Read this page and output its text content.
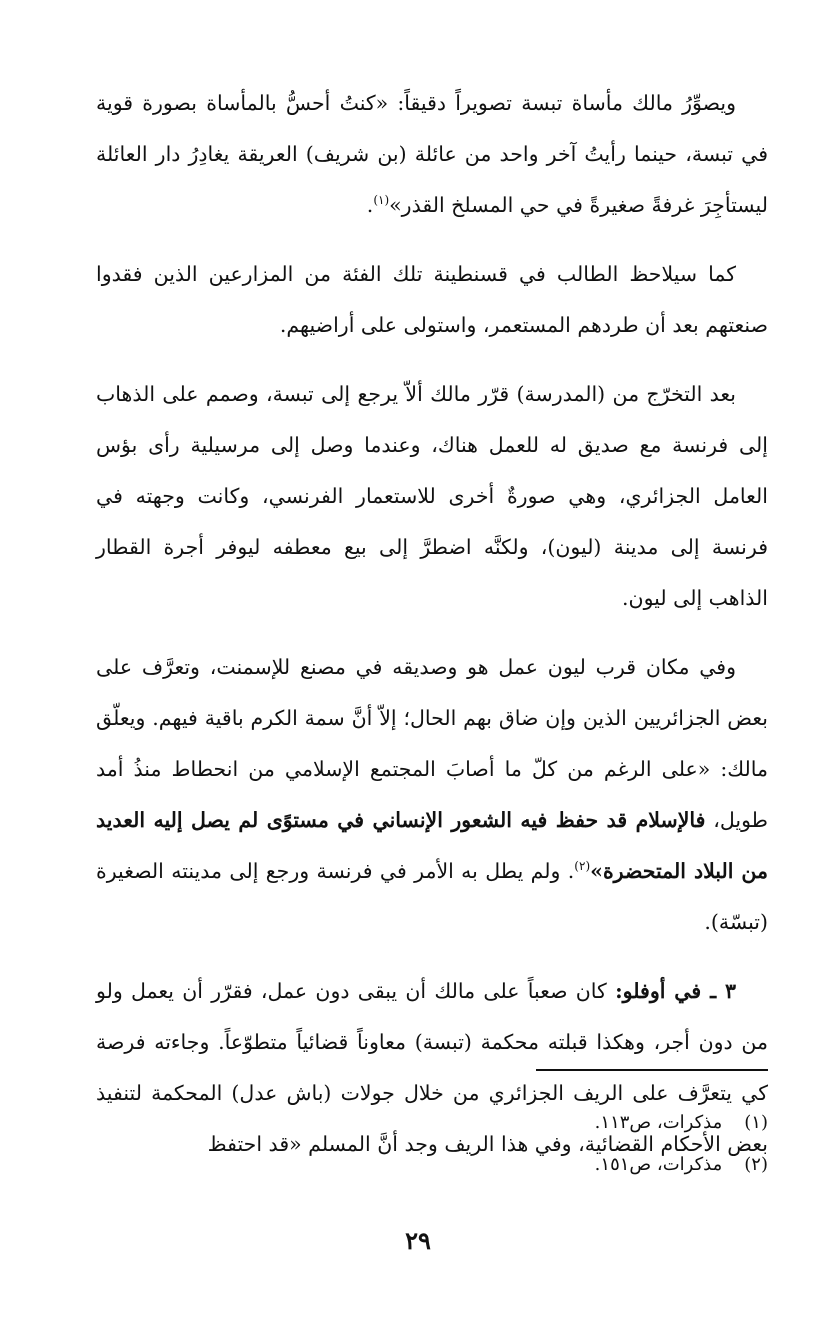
ويصوِّرُ مالك مأساة تبسة تصويراً دقيقاً: «كنتُ أحسُّ بالمأساة بصورة قوية في تبسة، حينما رأيتُ آخر واحد من عائلة (بن شريف) العريقة يغادِرُ دار العائلة ليستأجِرَ غرفةً صغيرةً في حي المسلخ القذر»$^{(١)}$.

كما سيلاحظ الطالب في قسنطينة تلك الفئة من المزارعين الذين فقدوا صنعتهم بعد أن طردهم المستعمر، واستولى على أراضيهم.

بعد التخرّج من (المدرسة) قرّر مالك ألاّ يرجع إلى تبسة، وصمم على الذهاب إلى فرنسة مع صديق له للعمل هناك، وعندما وصل إلى مرسيلية رأى بؤس العامل الجزائري، وهي صورةٌ أخرى للاستعمار الفرنسي، وكانت وجهته في فرنسة إلى مدينة (ليون)، ولكنَّه اضطرَّ إلى بيع معطفه ليوفر أجرة القطار الذاهب إلى ليون.

وفي مكان قرب ليون عمل هو وصديقه في مصنع للإسمنت، وتعرَّف على بعض الجزائريين الذين وإن ضاق بهم الحال؛ إلاّ أنَّ سمة الكرم باقية فيهم. ويعلّق مالك: «على الرغم من كلّ ما أصابَ المجتمع الإسلامي من انحطاط منذُ أمد طويل، فالإسلام قد حفظ فيه الشعور الإنساني في مستوًى لم يصل إليه العديد من البلاد المتحضرة»$^{(٢)}$. ولم يطل به الأمر في فرنسة ورجع إلى مدينته الصغيرة (تبسّة).

٣ ـ في أوفلو: كان صعباً على مالك أن يبقى دون عمل، فقرّر أن يعمل ولو من دون أجر، وهكذا قبلته محكمة (تبسة) معاوناً قضائياً متطوّعاً. وجاءته فرصة كي يتعرَّف على الريف الجزائري من خلال جولات (باش عدل) المحكمة لتنفيذ بعض الأحكام القضائية، وفي هذا الريف وجد أنَّ المسلم «قد احتفظ

(١) مذكرات، ص١١٣.
(٢) مذكرات، ص١٥١.
٢٩
